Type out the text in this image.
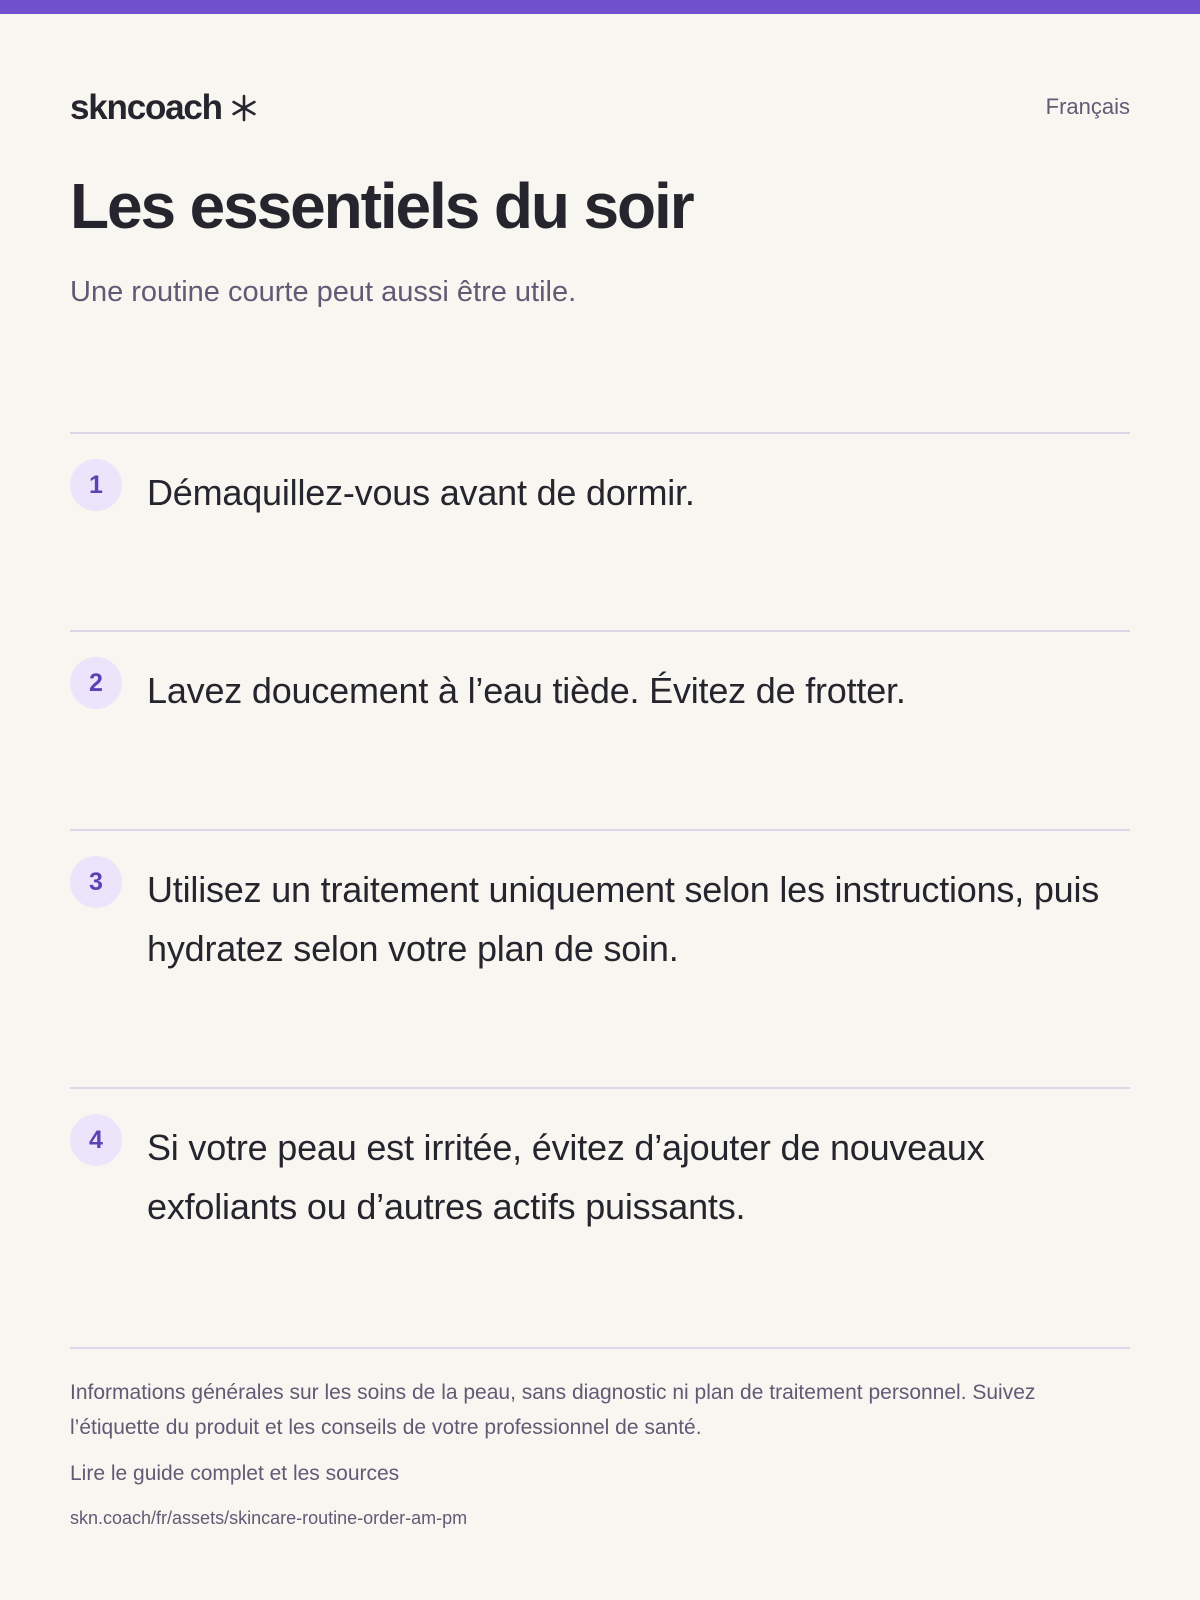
skncoach	Français
Les essentiels du soir

Une routine courte peut aussi être utile.

1	Démaquillez-vous avant de dormir.

2	Lavez doucement à l’eau tiède. Évitez de frotter.

3	Utilisez un traitement uniquement selon les instructions, puis hydratez selon votre plan de soin.

4	Si votre peau est irritée, évitez d’ajouter de nouveaux exfoliants ou d’autres actifs puissants.

Informations générales sur les soins de la peau, sans diagnostic ni plan de traitement personnel. Suivez l’étiquette du produit et les conseils de votre professionnel de santé.

Lire le guide complet et les sources
skn.coach/fr/assets/skincare-routine-order-am-pm
